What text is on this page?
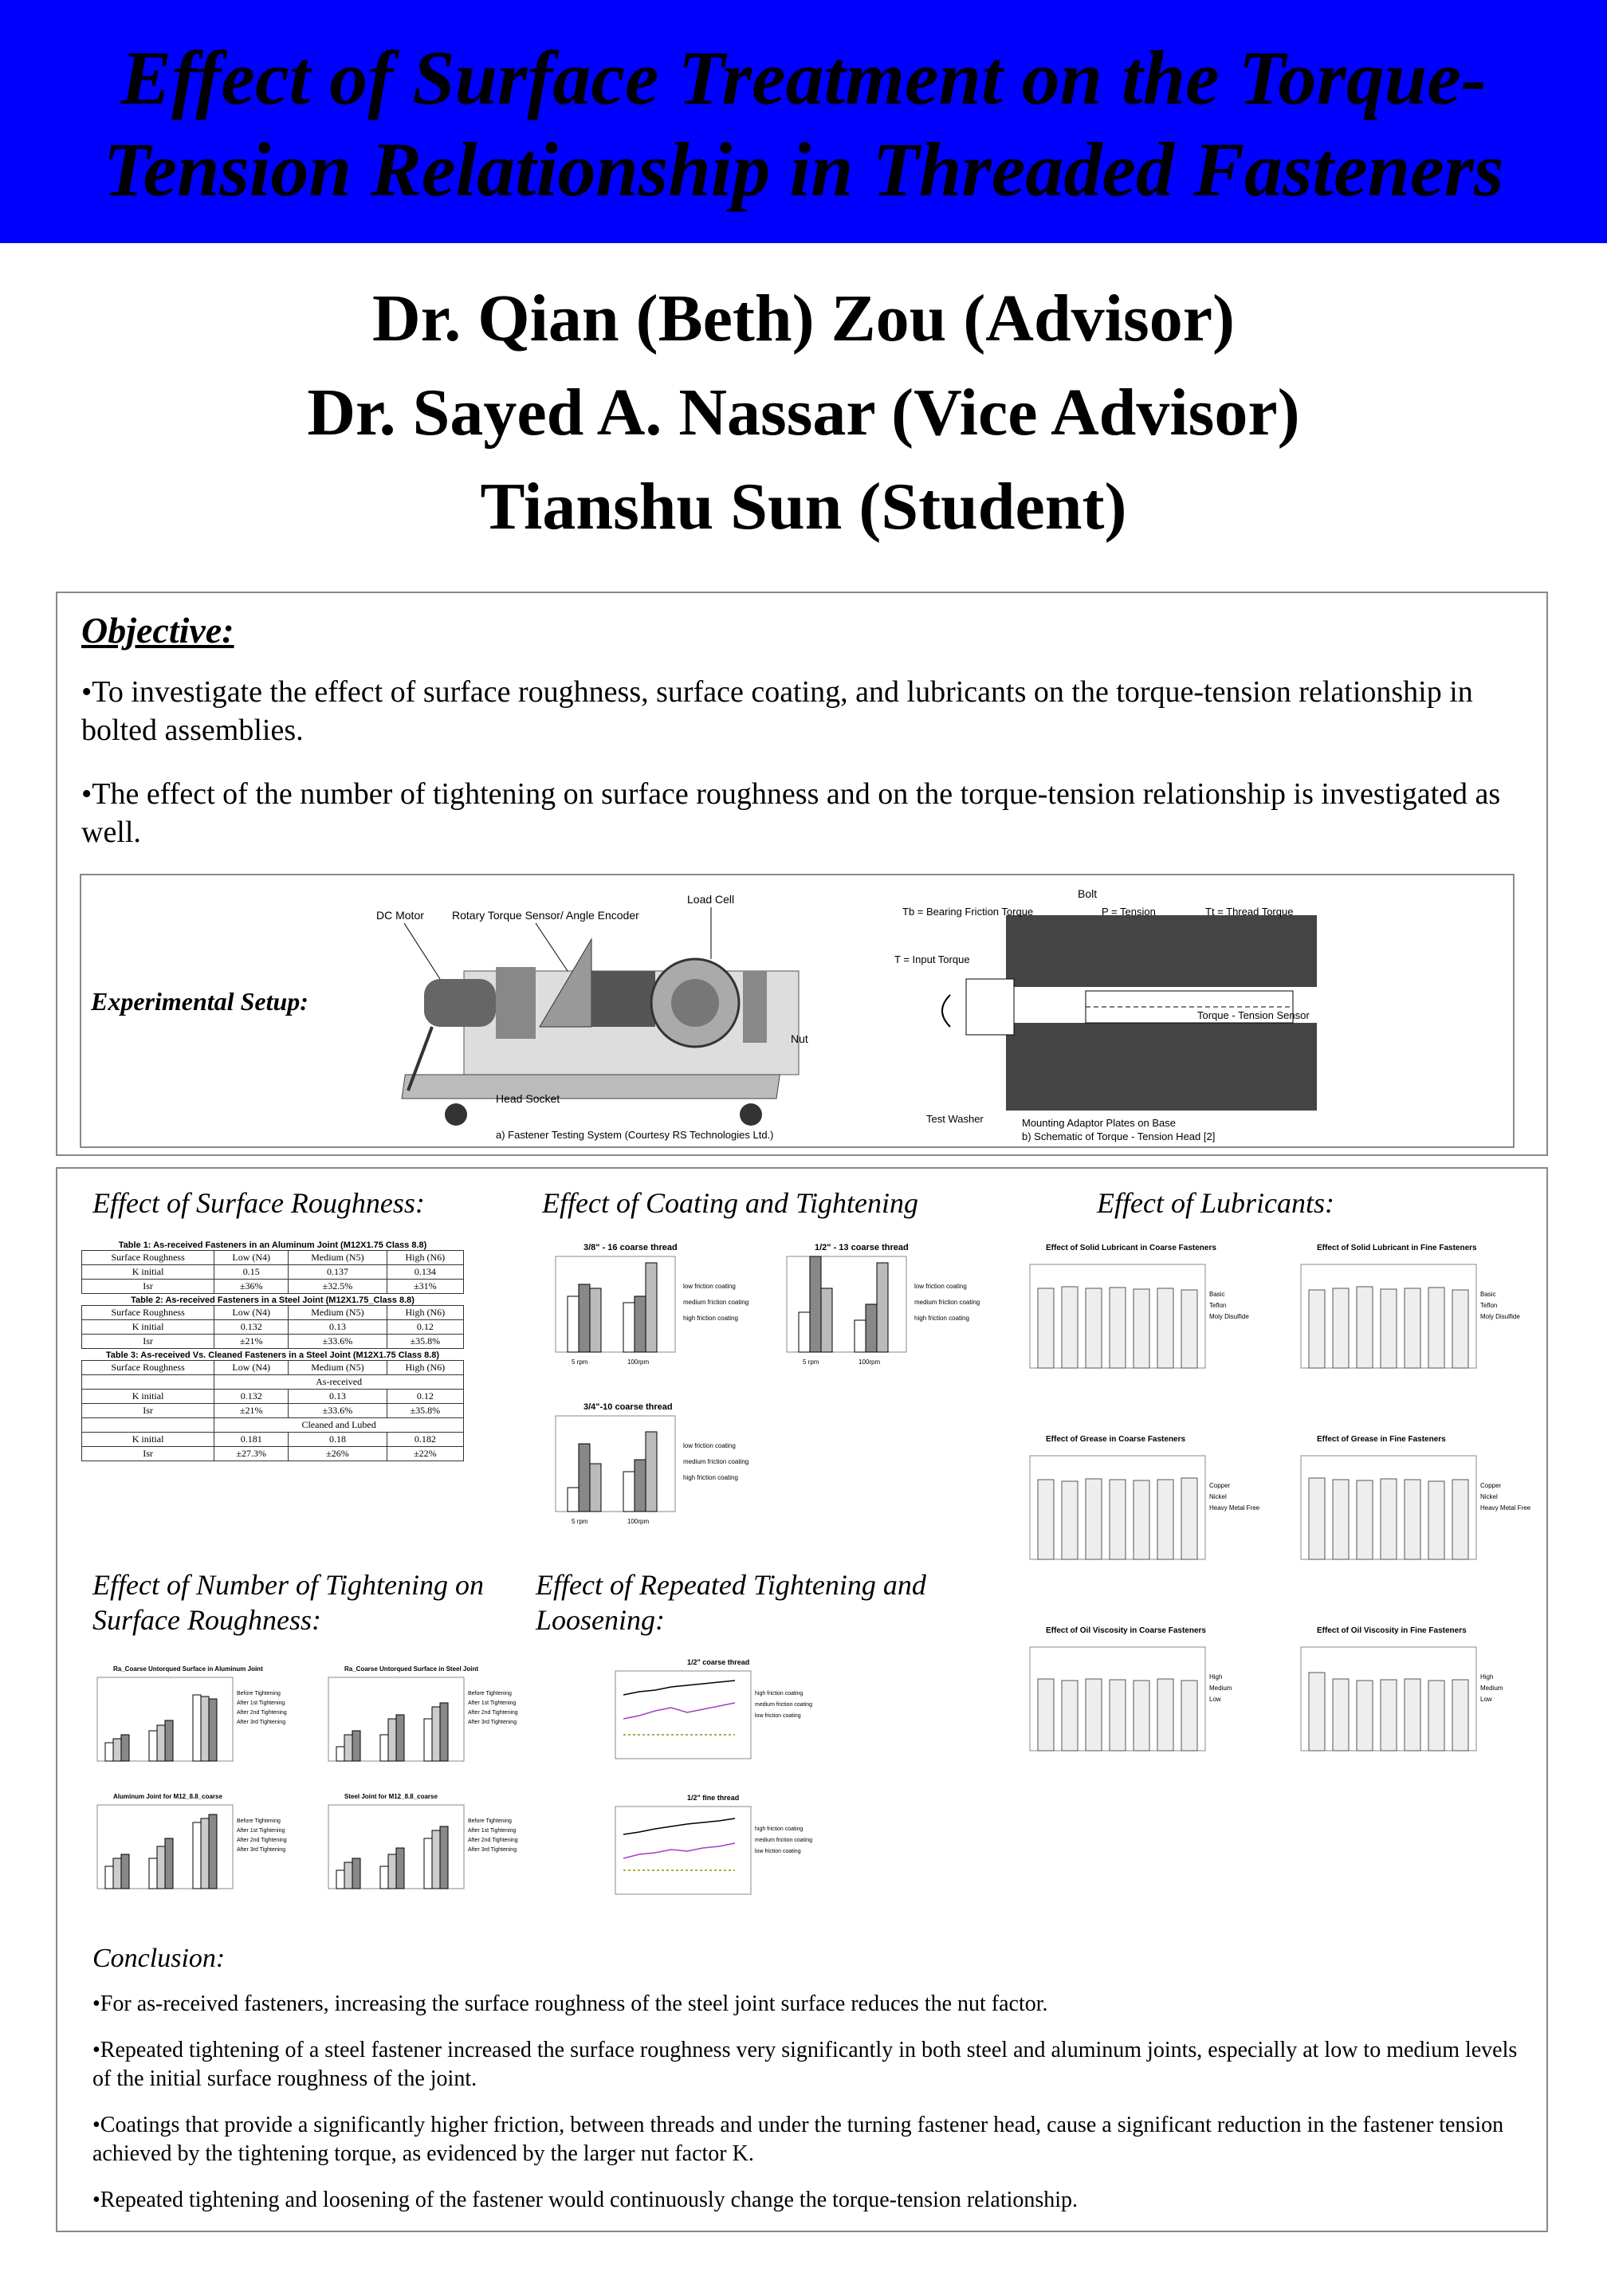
Effect of Surface Treatment on the Torque-Tension Relationship in Threaded Fasteners
Dr. Qian (Beth) Zou (Advisor)
Dr. Sayed A. Nassar (Vice Advisor)
Tianshu Sun (Student)
Objective:
•To investigate the effect of surface roughness, surface coating, and lubricants on the torque-tension relationship in bolted assemblies.
•The effect of the number of tightening on surface roughness and on the torque-tension relationship is investigated as well.
Experimental Setup:
DC Motor	Rotary Torque Sensor/ Angle Encoder
Load Cell
Nut
Head Socket
a) Fastener Testing System (Courtesy RS Technologies Ltd.)
Bolt
Tb = Bearing Friction Torque	P = Tension	Tt = Thread Torque
T = Input Torque
Torque - Tension Sensor
Test Washer	Mounting Adaptor Plates on Base
b) Schematic of Torque - Tension Head [2]
Effect of Surface Roughness:	Effect of Coating and Tightening	Effect of Lubricants:
Table 1: As-received Fasteners in an Aluminum Joint (M12X1.75 Class 8.8)
Surface Roughness	Low (N4)	Medium (N5)	High (N6)
K initial	0.15	0.137	0.134
Isr	±36%	±32.5%	±31%
Table 2: As-received Fasteners in a Steel Joint (M12X1.75_Class 8.8)
Surface Roughness	Low (N4)	Medium (N5)	High (N6)
K initial	0.132	0.13	0.12
Isr	±21%	±33.6%	±35.8%
Table 3: As-received Vs. Cleaned Fasteners in a Steel Joint (M12X1.75 Class 8.8)
Surface Roughness	Low (N4)	Medium (N5)	High (N6)
	As-received		
K initial	0.132	0.13	0.12
Isr	±21%	±33.6%	±35.8%
	Cleaned and Lubed		
K initial	0.181	0.18	0.182
Isr	±27.3%	±26%	±22%
3/8" - 16 coarse thread
low friction coating
medium friction coating
high friction coating
5 rpm	100rpm
1/2" - 13 coarse thread
low friction coating
medium friction coating
high friction coating
5 rpm	100rpm
3/4"-10 coarse thread
low friction coating
medium friction coating
high friction coating
5 rpm	100rpm
Effect of Solid Lubricant in Coarse Fasteners
Basic
Teflon
Moly Disulfide
Effect of Solid Lubricant in Fine Fasteners
Basic
Teflon
Moly Disulfide
Effect of Grease in Coarse Fasteners
Copper
Nickel
Heavy Metal Free
Effect of Grease in Fine Fasteners
Copper
Nickel
Heavy Metal Free
Effect of Oil Viscosity in Coarse Fasteners
High
Medium
Low
Effect of Oil Viscosity in Fine Fasteners
High
Medium
Low
Effect of Number of Tightening on Surface Roughness:
Effect of Repeated Tightening and Loosening:
Ra_Coarse Untorqued Surface in Aluminum Joint
Before Tightening
After 1st Tightening
After 2nd Tightening
After 3rd Tightening
Ra_Coarse Untorqued Surface in Steel Joint
Before Tightening
After 1st Tightening
After 2nd Tightening
After 3rd Tightening
Aluminum Joint for M12_8.8_coarse
Before Tightening
After 1st Tightening
After 2nd Tightening
After 3rd Tightening
Steel Joint for M12_8.8_coarse
Before Tightening
After 1st Tightening
After 2nd Tightening
After 3rd Tightening
1/2" coarse thread
high friction coating
medium friction coating
low friction coating
1/2" fine thread
high friction coating
medium friction coating
low friction coating
Conclusion:
•For as-received fasteners, increasing the surface roughness of the steel joint surface reduces the nut factor.
•Repeated tightening of a steel fastener increased the surface roughness very significantly in both steel and aluminum joints, especially at low to medium levels of the initial surface roughness of the joint.
•Coatings that provide a significantly higher friction, between threads and under the turning fastener head, cause a significant reduction in the fastener tension achieved by the tightening torque, as evidenced by the larger nut factor K.
•Repeated tightening and loosening of the fastener would continuously change the torque-tension relationship.
